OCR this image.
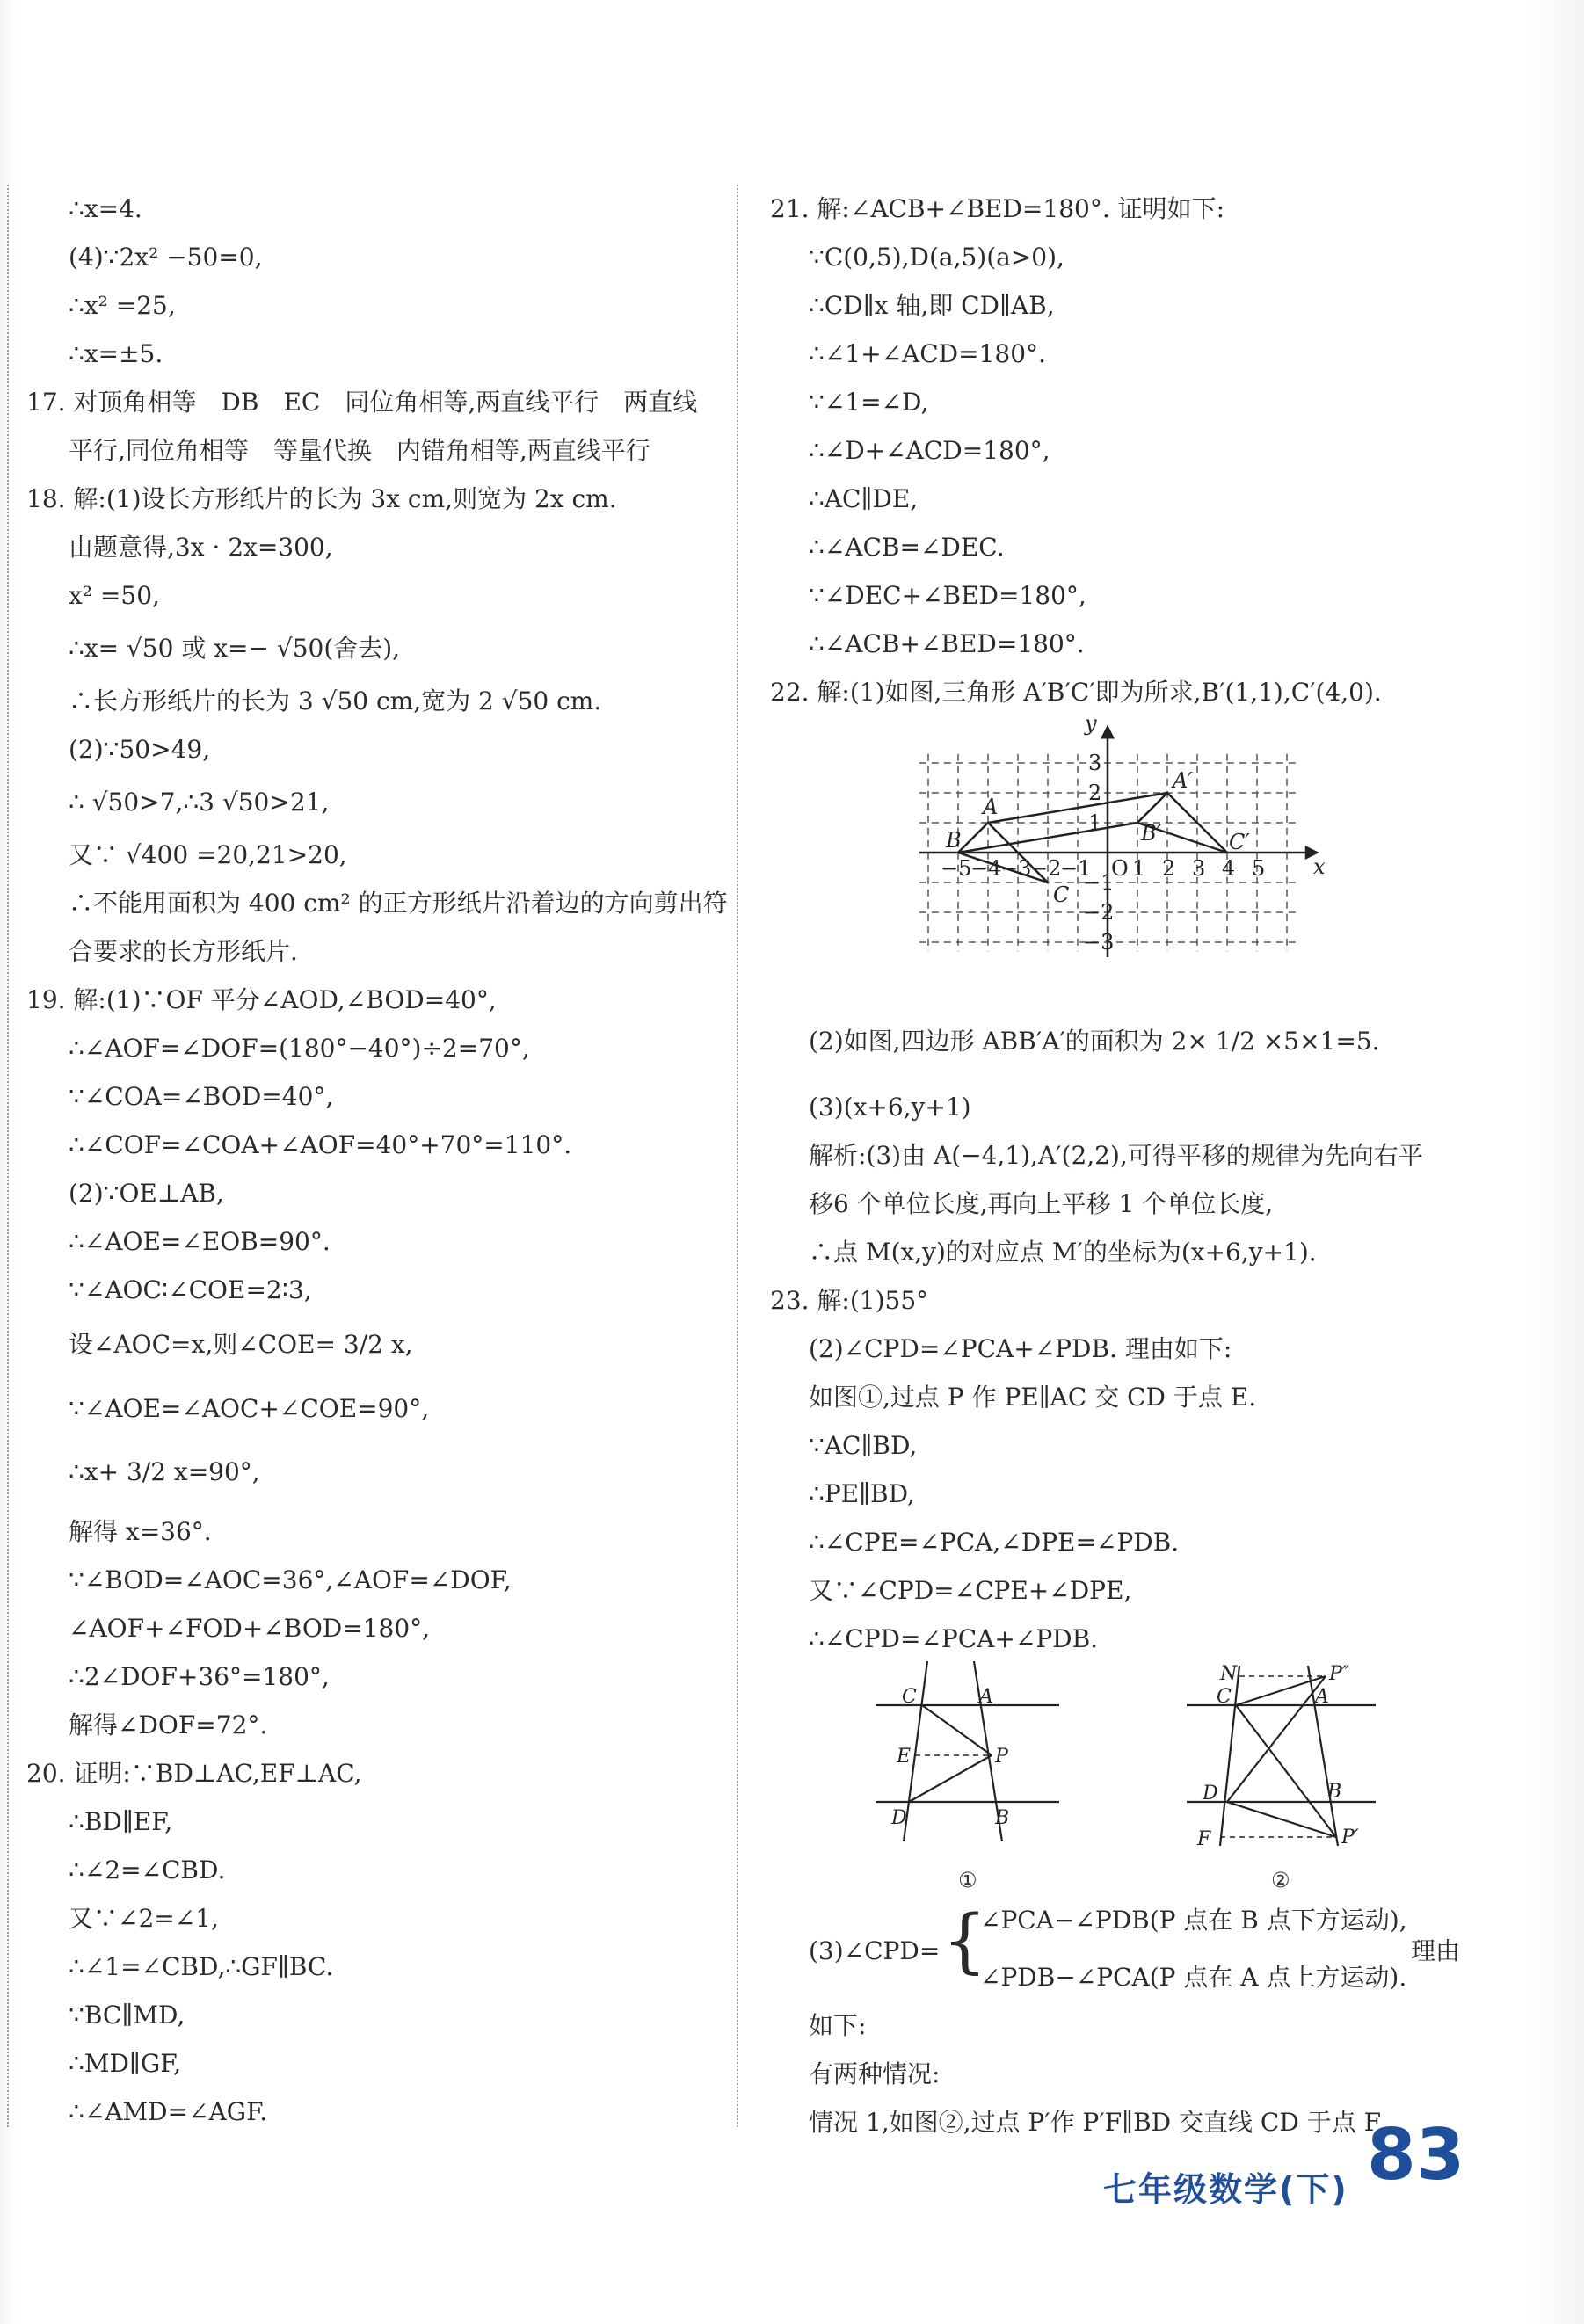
∴x=4.
(4)∵2x² −50=0,
∴x² =25,
∴x=±5.
17. 对顶角相等　DB　EC　同位角相等,两直线平行　两直线
平行,同位角相等　等量代换　内错角相等,两直线平行
18. 解:(1)设长方形纸片的长为 3x cm,则宽为 2x cm.
由题意得,3x · 2x=300,
x² =50,
∴x= √50 或 x=− √50(舍去),
∴长方形纸片的长为 3 √50 cm,宽为 2 √50 cm.
(2)∵50>49,
∴ √50>7,∴3 √50>21,
又∵ √400 =20,21>20,
∴不能用面积为 400 cm² 的正方形纸片沿着边的方向剪出符
合要求的长方形纸片.
19. 解:(1)∵OF 平分∠AOD,∠BOD=40°,
∴∠AOF=∠DOF=(180°−40°)÷2=70°,
∵∠COA=∠BOD=40°,
∴∠COF=∠COA+∠AOF=40°+70°=110°.
(2)∵OE⊥AB,
∴∠AOE=∠EOB=90°.
∵∠AOC∶∠COE=2∶3,
设∠AOC=x,则∠COE= 3/2 x,
∵∠AOE=∠AOC+∠COE=90°,
∴x+ 3/2 x=90°,
解得 x=36°.
∵∠BOD=∠AOC=36°,∠AOF=∠DOF,
∠AOF+∠FOD+∠BOD=180°,
∴2∠DOF+36°=180°,
解得∠DOF=72°.
20. 证明:∵BD⊥AC,EF⊥AC,
∴BD∥EF,
∴∠2=∠CBD.
又∵∠2=∠1,
∴∠1=∠CBD,∴GF∥BC.
∵BC∥MD,
∴MD∥GF,
∴∠AMD=∠AGF.
21. 解:∠ACB+∠BED=180°. 证明如下:
∵C(0,5),D(a,5)(a>0),
∴CD∥x 轴,即 CD∥AB,
∴∠1+∠ACD=180°.
∵∠1=∠D,
∴∠D+∠ACD=180°,
∴AC∥DE,
∴∠ACB=∠DEC.
∵∠DEC+∠BED=180°,
∴∠ACB+∠BED=180°.
22. 解:(1)如图,三角形 A′B′C′即为所求,B′(1,1),C′(4,0).
(2)如图,四边形 ABB′A′的面积为 2× 1/2 ×5×1=5.
(3)(x+6,y+1)
解析:(3)由 A(−4,1),A′(2,2),可得平移的规律为先向右平
移6 个单位长度,再向上平移 1 个单位长度,
∴点 M(x,y)的对应点 M′的坐标为(x+6,y+1).
23. 解:(1)55°
(2)∠CPD=∠PCA+∠PDB. 理由如下:
如图①,过点 P 作 PE∥AC 交 CD 于点 E.
∵AC∥BD,
∴PE∥BD,
∴∠CPE=∠PCA,∠DPE=∠PDB.
又∵∠CPD=∠CPE+∠DPE,
∴∠CPD=∠PCA+∠PDB.
(3)∠CPD=
∠PCA−∠PDB(P 点在 B 点下方运动),
∠PDB−∠PCA(P 点在 A 点上方运动).
理由
如下:
有两种情况:
情况 1,如图②,过点 P′作 P′F∥BD 交直线 CD 于点 F.
−5
−4
−3
−2
−1 O 1 2 3 4 5
1
2
3
−1
−2
−3
x
y
A
B
C
A′
B′	C′
C	A
E	P
D	B
①
N	P″
C	A
D	B
F	P′
②
{
七年级数学(下) 83
